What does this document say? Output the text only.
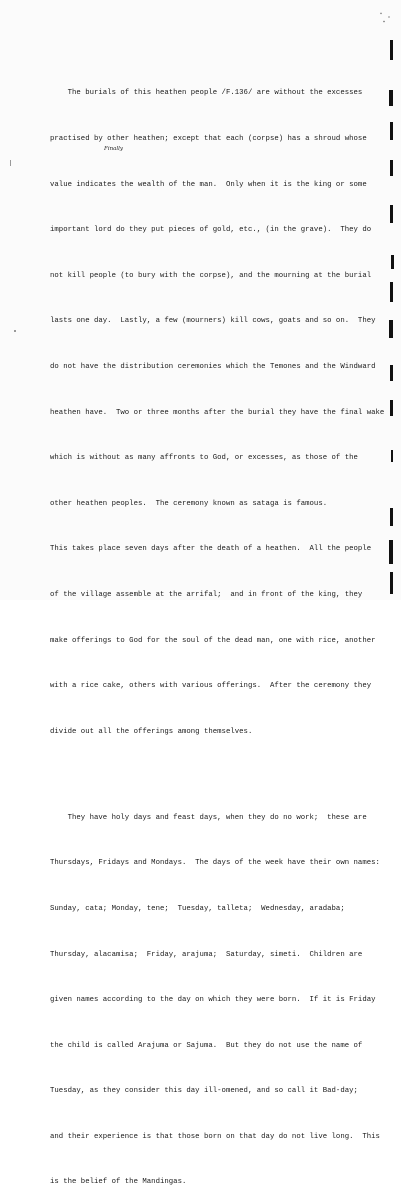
The burials of this heathen people /F.136/ are without the excesses

practised by other heathen; except that each (corpse) has a shroud whose

value indicates the wealth of the man.  Only when it is the king or some

important lord do they put pieces of gold, etc., (in the grave).  They do

not kill people (to bury with the corpse), and the mourning at the burial

lasts one day.  Lastly, a few (mourners) kill cows, goats and so on.  They

do not have the distribution ceremonies which the Temones and the Windward

heathen have.  Two or three months after the burial they have the final wake

which is without as many affronts to God, or excesses, as those of the

other heathen peoples.  The ceremony known as sataga is famous.

This takes place seven days after the death of a heathen.  All the people

of the village assemble at the arrifal;  and in front of the king, they

make offerings to God for the soul of the dead man, one with rice, another

with a rice cake, others with various offerings.  After the ceremony they

divide out all the offerings among themselves.

They have holy days and feast days, when they do no work;  these are

Thursdays, Fridays and Mondays.  The days of the week have their own names:

Sunday, cata; Monday, tene;  Tuesday, talleta;  Wednesday, aradaba;

Thursday, alacamisa;  Friday, arajuma;  Saturday, simeti.  Children are

given names according to the day on which they were born.  If it is Friday

the child is called Arajuma or Sajuma.  But they do not use the name of

Tuesday, as they consider this day ill-omened, and so call it Bad-day;

and their experience is that those born on that day do not live long.  This

is the belief of the Mandingas.

Finally
